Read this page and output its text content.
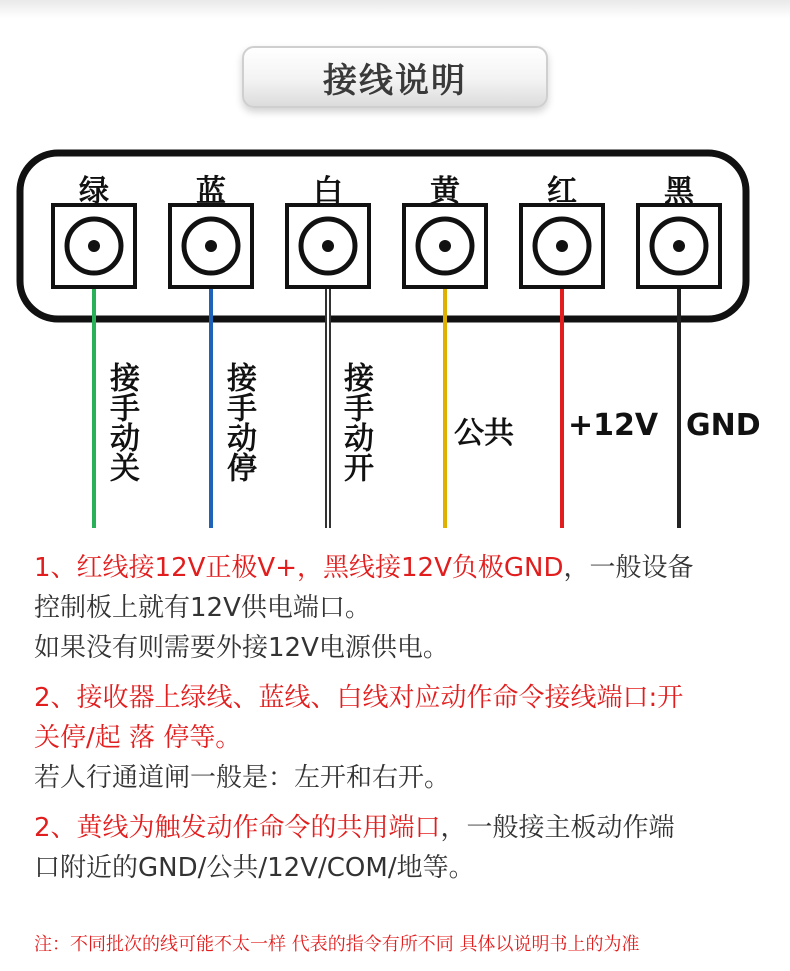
接线说明
绿	蓝	白	黄	红	黑
接手动关	接手动停	接手动开	公共 +12V GND
1、红线接12V正极V+，黑线接12V负极GND，一般设备
控制板上就有12V供电端口。
如果没有则需要外接12V电源供电。
2、接收器上绿线、蓝线、白线对应动作命令接线端口:开
关停/起 落 停等。
若人行通道闸一般是：左开和右开。
2、黄线为触发动作命令的共用端口，一般接主板动作端
口附近的GND/公共/12V/COM/地等。
注：不同批次的线可能不太一样 代表的指令有所不同 具体以说明书上的为准
